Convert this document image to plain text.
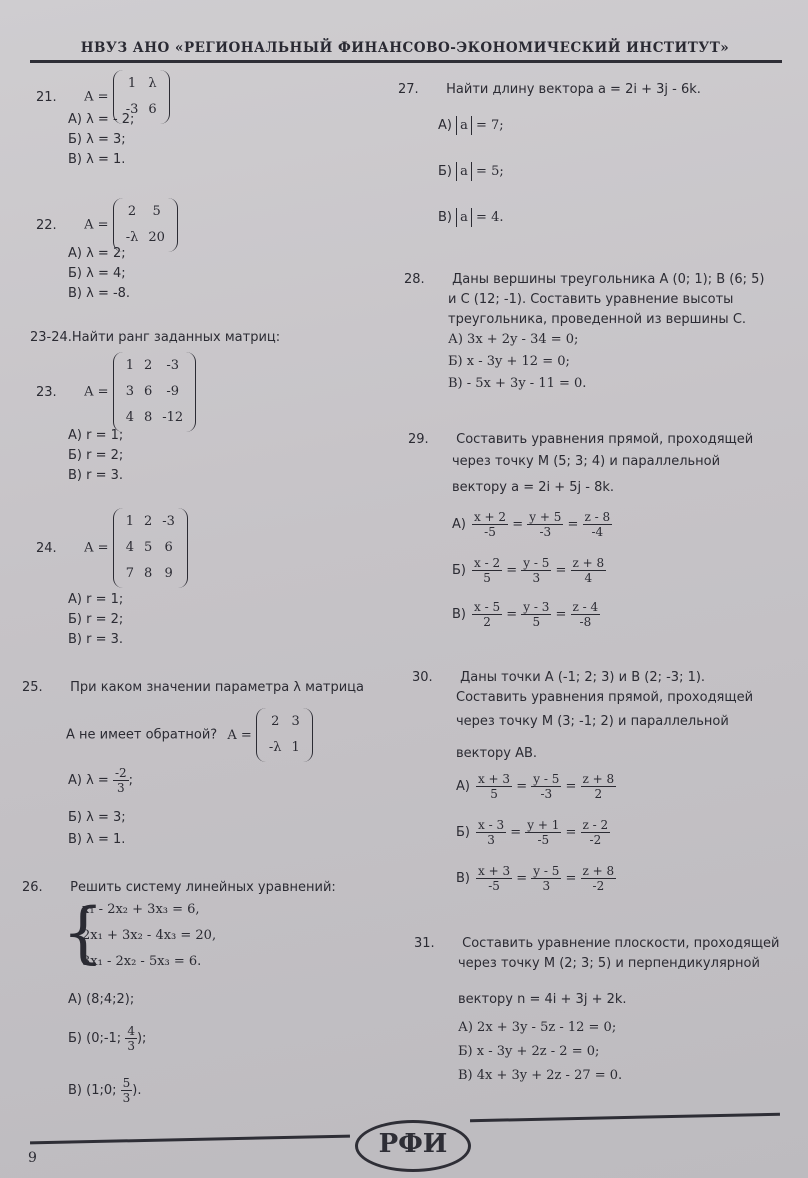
НВУЗ АНО «РЕГИОНАЛЬНЫЙ ФИНАНСОВО-ЭКОНОМИЧЕСКИЙ ИНСТИТУТ»
21. A =
1	λ
-3	6
А) λ = - 2;
Б) λ = 3;
В) λ = 1.
22. A =
2	5
-λ	20
А) λ = 2;
Б) λ = 4;
В) λ = -8.
23-24.Найти ранг заданных матриц:
23. A =
1	2	-3
3	6	-9
4	8	-12
А) r = 1;
Б) r = 2;
В) r = 3.
24. A =
1	2	-3
4	5	6
7	8	9
А) r = 1;
Б) r = 2;
В) r = 3.
25. При каком значении параметра λ матрица
А не имеет обратной? A =
2	3
-λ	1
А) $\lambda = \frac{-2}{3}$ ;
Б) λ = 3;
В) λ = 1.
26. Решить систему линейных уравнений:
{
x₁ - 2x₂ + 3x₃ = 6,
2x₁ + 3x₂ - 4x₃ = 20,
3x₁ - 2x₂ - 5x₃ = 6.
А) (8;4;2);
Б) (0;-1; $\frac{4}{3}$ );
В) (1;0; $\frac{5}{3}$ ).
27. Найти длину вектора a = 2i + 3j - 6k.
А) a = 7;
Б) a = 5;
В) a = 4.
28. Даны вершины треугольника А (0; 1); В (6; 5)
и С (12; -1). Составить уравнение высоты
треугольника, проведенной из вершины С.
А) 3x + 2y - 34 = 0;
Б) x - 3y + 12 = 0;
В) - 5x + 3y - 11 = 0.
29. Составить уравнения прямой, проходящей
через точку М (5; 3; 4) и параллельной
вектору a = 2i + 5j - 8k.
$А) \frac{x + 2}{-5} = \frac{y + 5}{-3} = \frac{z - 8}{-4}$
$Б) \frac{x - 2}{5} = \frac{y - 5}{3} = \frac{z + 8}{4}$
$В) \frac{x - 5}{2} = \frac{y - 3}{5} = \frac{z - 4}{-8}$
30. Даны точки А (-1; 2; 3) и В (2; -3; 1).
Составить уравнения прямой, проходящей
через точку М (3; -1; 2) и параллельной
вектору AB.
$А) \frac{x + 3}{5} = \frac{y - 5}{-3} = \frac{z + 8}{2}$
$Б) \frac{x - 3}{3} = \frac{y + 1}{-5} = \frac{z - 2}{-2}$
$В) \frac{x + 3}{-5} = \frac{y - 5}{3} = \frac{z + 8}{-2}$
31. Составить уравнение плоскости, проходящей
через точку М (2; 3; 5) и перпендикулярной
вектору n = 4i + 3j + 2k.
А) 2x + 3y - 5z - 12 = 0;
Б) x - 3y + 2z - 2 = 0;
В) 4x + 3y + 2z - 27 = 0.
РФИ
9
